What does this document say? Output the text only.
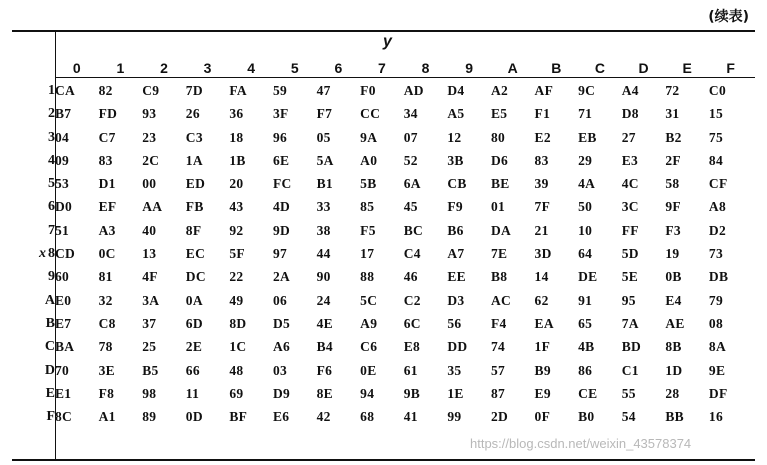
(续表)
y
	0	1	2	3	4	5	6	7	8	9	A	B	C	D	E	F
1	CA	82	C9	7D	FA	59	47	F0	AD	D4	A2	AF	9C	A4	72	C0
2	B7	FD	93	26	36	3F	F7	CC	34	A5	E5	F1	71	D8	31	15
3	04	C7	23	C3	18	96	05	9A	07	12	80	E2	EB	27	B2	75
4	09	83	2C	1A	1B	6E	5A	A0	52	3B	D6	83	29	E3	2F	84
5	53	D1	00	ED	20	FC	B1	5B	6A	CB	BE	39	4A	4C	58	CF
6	D0	EF	AA	FB	43	4D	33	85	45	F9	01	7F	50	3C	9F	A8
7	51	A3	40	8F	92	9D	38	F5	BC	B6	DA	21	10	FF	F3	D2
x 8	CD	0C	13	EC	5F	97	44	17	C4	A7	7E	3D	64	5D	19	73
9	60	81	4F	DC	22	2A	90	88	46	EE	B8	14	DE	5E	0B	DB
A	E0	32	3A	0A	49	06	24	5C	C2	D3	AC	62	91	95	E4	79
B	E7	C8	37	6D	8D	D5	4E	A9	6C	56	F4	EA	65	7A	AE	08
C	BA	78	25	2E	1C	A6	B4	C6	E8	DD	74	1F	4B	BD	8B	8A
D	70	3E	B5	66	48	03	F6	0E	61	35	57	B9	86	C1	1D	9E
E	E1	F8	98	11	69	D9	8E	94	9B	1E	87	E9	CE	55	28	DF
F	8C	A1	89	0D	BF	E6	42	68	41	99	2D	0F	B0	54	BB	16
https://blog.csdn.net/weixin_43578374
